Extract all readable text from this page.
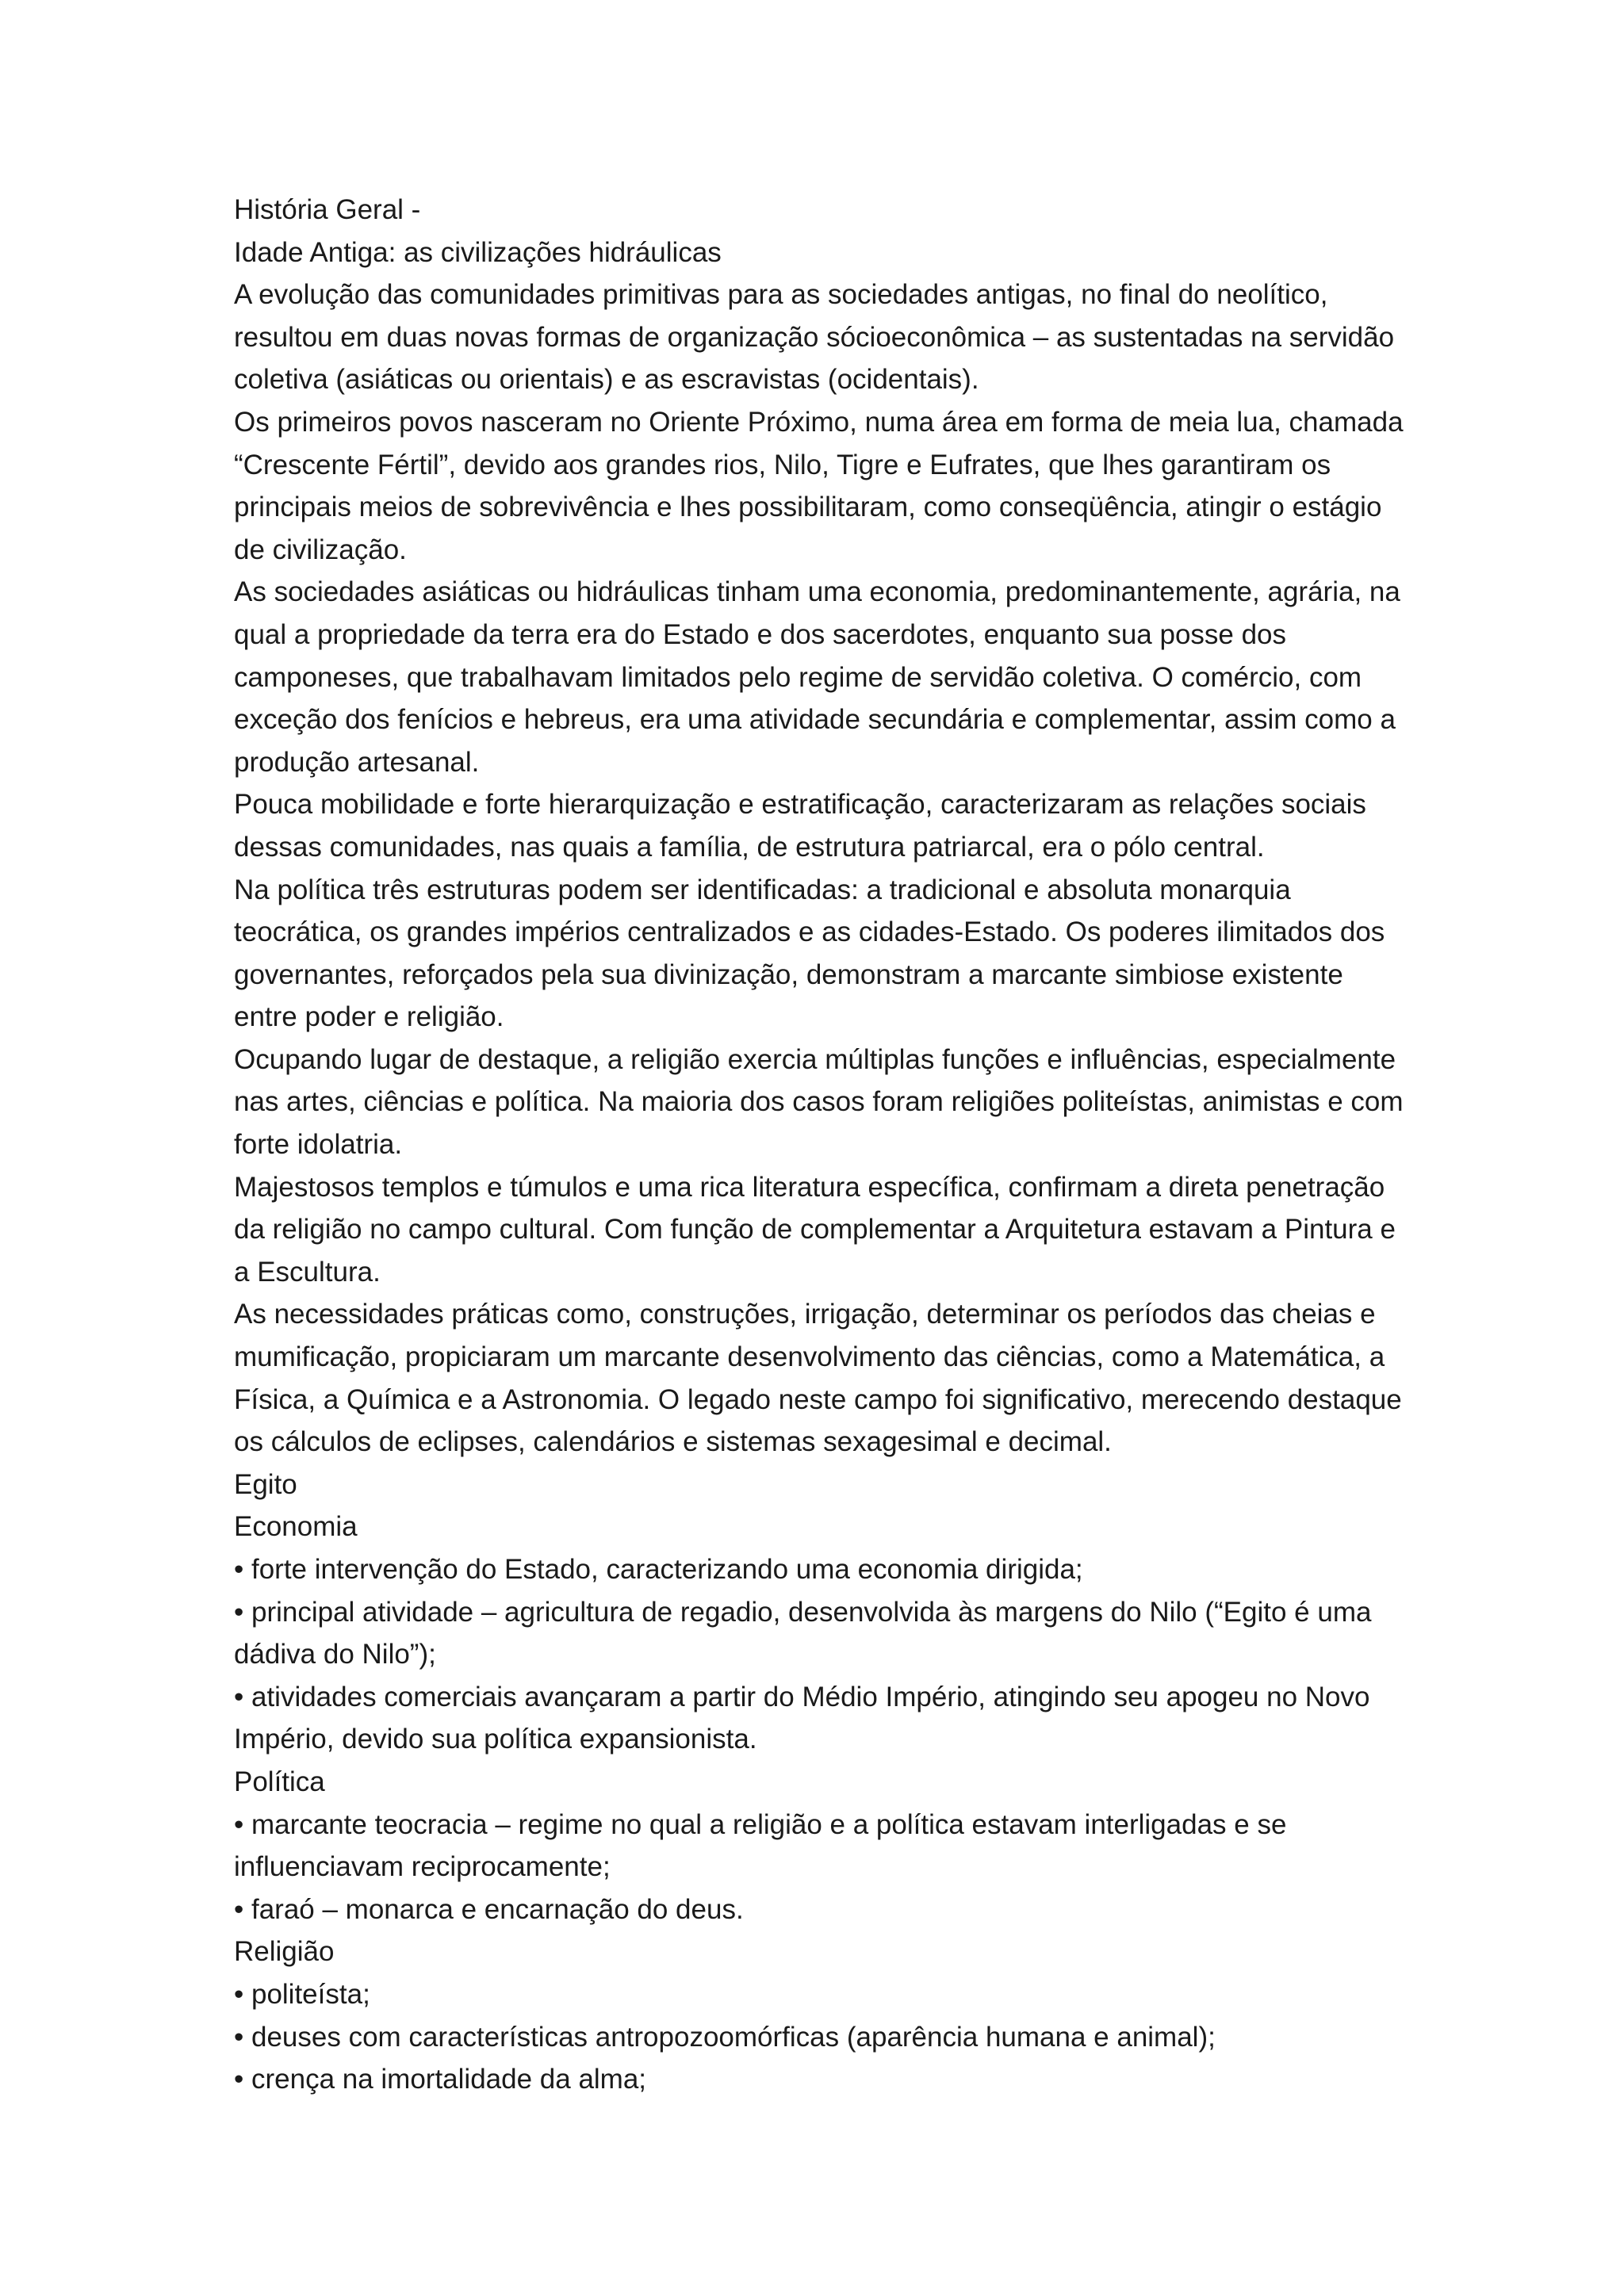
História Geral -
Idade Antiga: as civilizações hidráulicas
A evolução das comunidades primitivas para as sociedades antigas, no final do neolítico,
resultou em duas novas formas de organização sócioeconômica – as sustentadas na servidão
coletiva (asiáticas ou orientais) e as escravistas (ocidentais).
Os primeiros povos nasceram no Oriente Próximo, numa área em forma de meia lua, chamada
“Crescente Fértil”, devido aos grandes rios, Nilo, Tigre e Eufrates, que lhes garantiram os
principais meios de sobrevivência e lhes possibilitaram, como conseqüência, atingir o estágio
de civilização.
As sociedades asiáticas ou hidráulicas tinham uma economia, predominantemente, agrária, na
qual a propriedade da terra era do Estado e dos sacerdotes, enquanto sua posse dos
camponeses, que trabalhavam limitados pelo regime de servidão coletiva. O comércio, com
exceção dos fenícios e hebreus, era uma atividade secundária e complementar, assim como a
produção artesanal.
Pouca mobilidade e forte hierarquização e estratificação, caracterizaram as relações sociais
dessas comunidades, nas quais a família, de estrutura patriarcal, era o pólo central.
Na política três estruturas podem ser identificadas: a tradicional e absoluta monarquia
teocrática, os grandes impérios centralizados e as cidades-Estado. Os poderes ilimitados dos
governantes, reforçados pela sua divinização, demonstram a marcante simbiose existente
entre poder e religião.
Ocupando lugar de destaque, a religião exercia múltiplas funções e influências, especialmente
nas artes, ciências e política. Na maioria dos casos foram religiões politeístas, animistas e com
forte idolatria.
Majestosos templos e túmulos e uma rica literatura específica, confirmam a direta penetração
da religião no campo cultural. Com função de complementar a Arquitetura estavam a Pintura e
a Escultura.
As necessidades práticas como, construções, irrigação, determinar os períodos das cheias e
mumificação, propiciaram um marcante desenvolvimento das ciências, como a Matemática, a
Física, a Química e a Astronomia. O legado neste campo foi significativo, merecendo destaque
os cálculos de eclipses, calendários e sistemas sexagesimal e decimal.
Egito
Economia
• forte intervenção do Estado, caracterizando uma economia dirigida;
• principal atividade – agricultura de regadio, desenvolvida às margens do Nilo (“Egito é uma
dádiva do Nilo”);
• atividades comerciais avançaram a partir do Médio Império, atingindo seu apogeu no Novo
Império, devido sua política expansionista.
Política
• marcante teocracia – regime no qual a religião e a política estavam interligadas e se
influenciavam reciprocamente;
• faraó – monarca e encarnação do deus.
Religião
• politeísta;
• deuses com características antropozoomórficas (aparência humana e animal);
• crença na imortalidade da alma;
